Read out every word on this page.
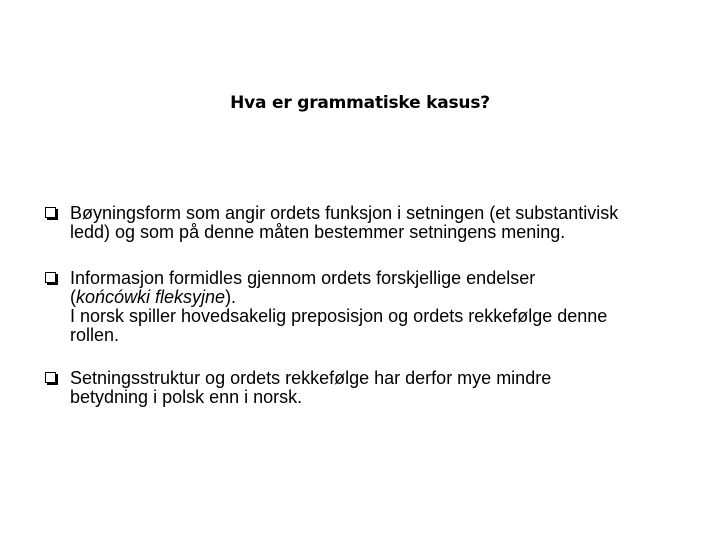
Hva er grammatiske kasus?
Bøyningsform som angir ordets funksjon i setningen (et substantivisk
ledd) og som på denne måten bestemmer setningens mening.
Informasjon formidles gjennom ordets forskjellige endelser
(końcówki fleksyjne).
I norsk spiller hovedsakelig preposisjon og ordets rekkefølge denne
rollen.
Setningsstruktur og ordets rekkefølge har derfor mye mindre
betydning i polsk enn i norsk.
